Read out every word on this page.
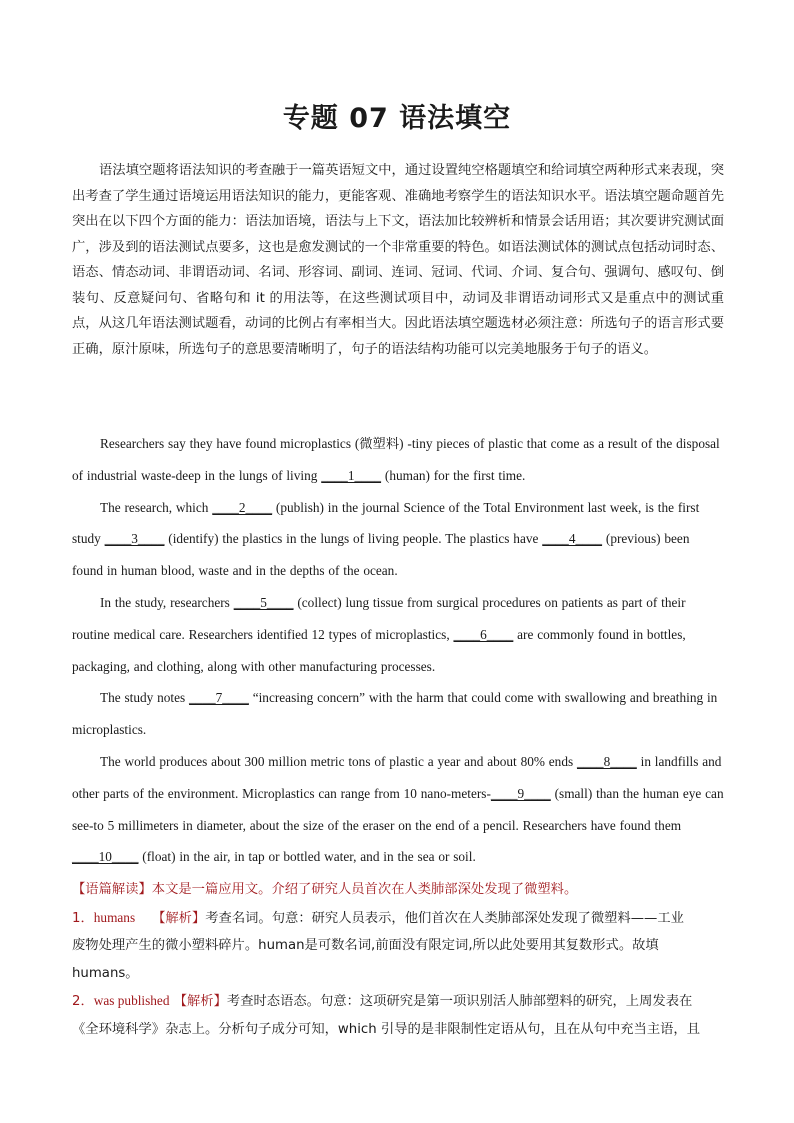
专题 07 语法填空
语法填空题将语法知识的考查融于一篇英语短文中，通过设置纯空格题填空和给词填空两种形式来表现，突出考查了学生通过语境运用语法知识的能力，更能客观、准确地考察学生的语法知识水平。语法填空题命题首先突出在以下四个方面的能力：语法加语境，语法与上下文，语法加比较辨析和情景会话用语；其次要讲究测试面广，涉及到的语法测试点要多，这也是愈发测试的一个非常重要的特色。如语法测试体的测试点包括动词时态、语态、情态动词、非谓语动词、名词、形容词、副词、连词、冠词、代词、介词、复合句、强调句、感叹句、倒装句、反意疑问句、省略句和 it 的用法等，在这些测试项目中，动词及非谓语动词形式又是重点中的测试重点，从这几年语法测试题看，动词的比例占有率相当大。因此语法填空题选材必须注意：所选句子的语言形式要正确，原汁原味，所选句子的意思要清晰明了，句子的语法结构功能可以完美地服务于句子的语义。

Researchers say they have found microplastics (微塑料) -tiny pieces of plastic that come as a result of the disposal of industrial waste-deep in the lungs of living ____1____ (human) for the first time.

The research, which ____2____ (publish) in the journal Science of the Total Environment last week, is the first study ____3____ (identify) the plastics in the lungs of living people. The plastics have ____4____ (previous) been found in human blood, waste and in the depths of the ocean.

In the study, researchers ____5____ (collect) lung tissue from surgical procedures on patients as part of their routine medical care. Researchers identified 12 types of microplastics, ____6____ are commonly found in bottles, packaging, and clothing, along with other manufacturing processes.

The study notes ____7____ “increasing concern” with the harm that could come with swallowing and breathing in microplastics.

The world produces about 300 million metric tons of plastic a year and about 80% ends ____8____ in landfills and other parts of the environment. Microplastics can range from 10 nano-meters-____9____ (small) than the human eye can see-to 5 millimeters in diameter, about the size of the eraser on the end of a pencil. Researchers have found them ____10____ (float) in the air, in tap or bottled water, and in the sea or soil.

【语篇解读】本文是一篇应用文。介绍了研究人员首次在人类肺部深处发现了微塑料。

1．humans 【解析】考查名词。句意：研究人员表示，他们首次在人类肺部深处发现了微塑料——工业

废物处理产生的微小塑料碎片。human是可数名词,前面没有限定词,所以此处要用其复数形式。故填humans。

2．was published 【解析】考查时态语态。句意：这项研究是第一项识别活人肺部塑料的研究，上周发表在

《全环境科学》杂志上。分析句子成分可知，which 引导的是非限制性定语从句，且在从句中充当主语，且
